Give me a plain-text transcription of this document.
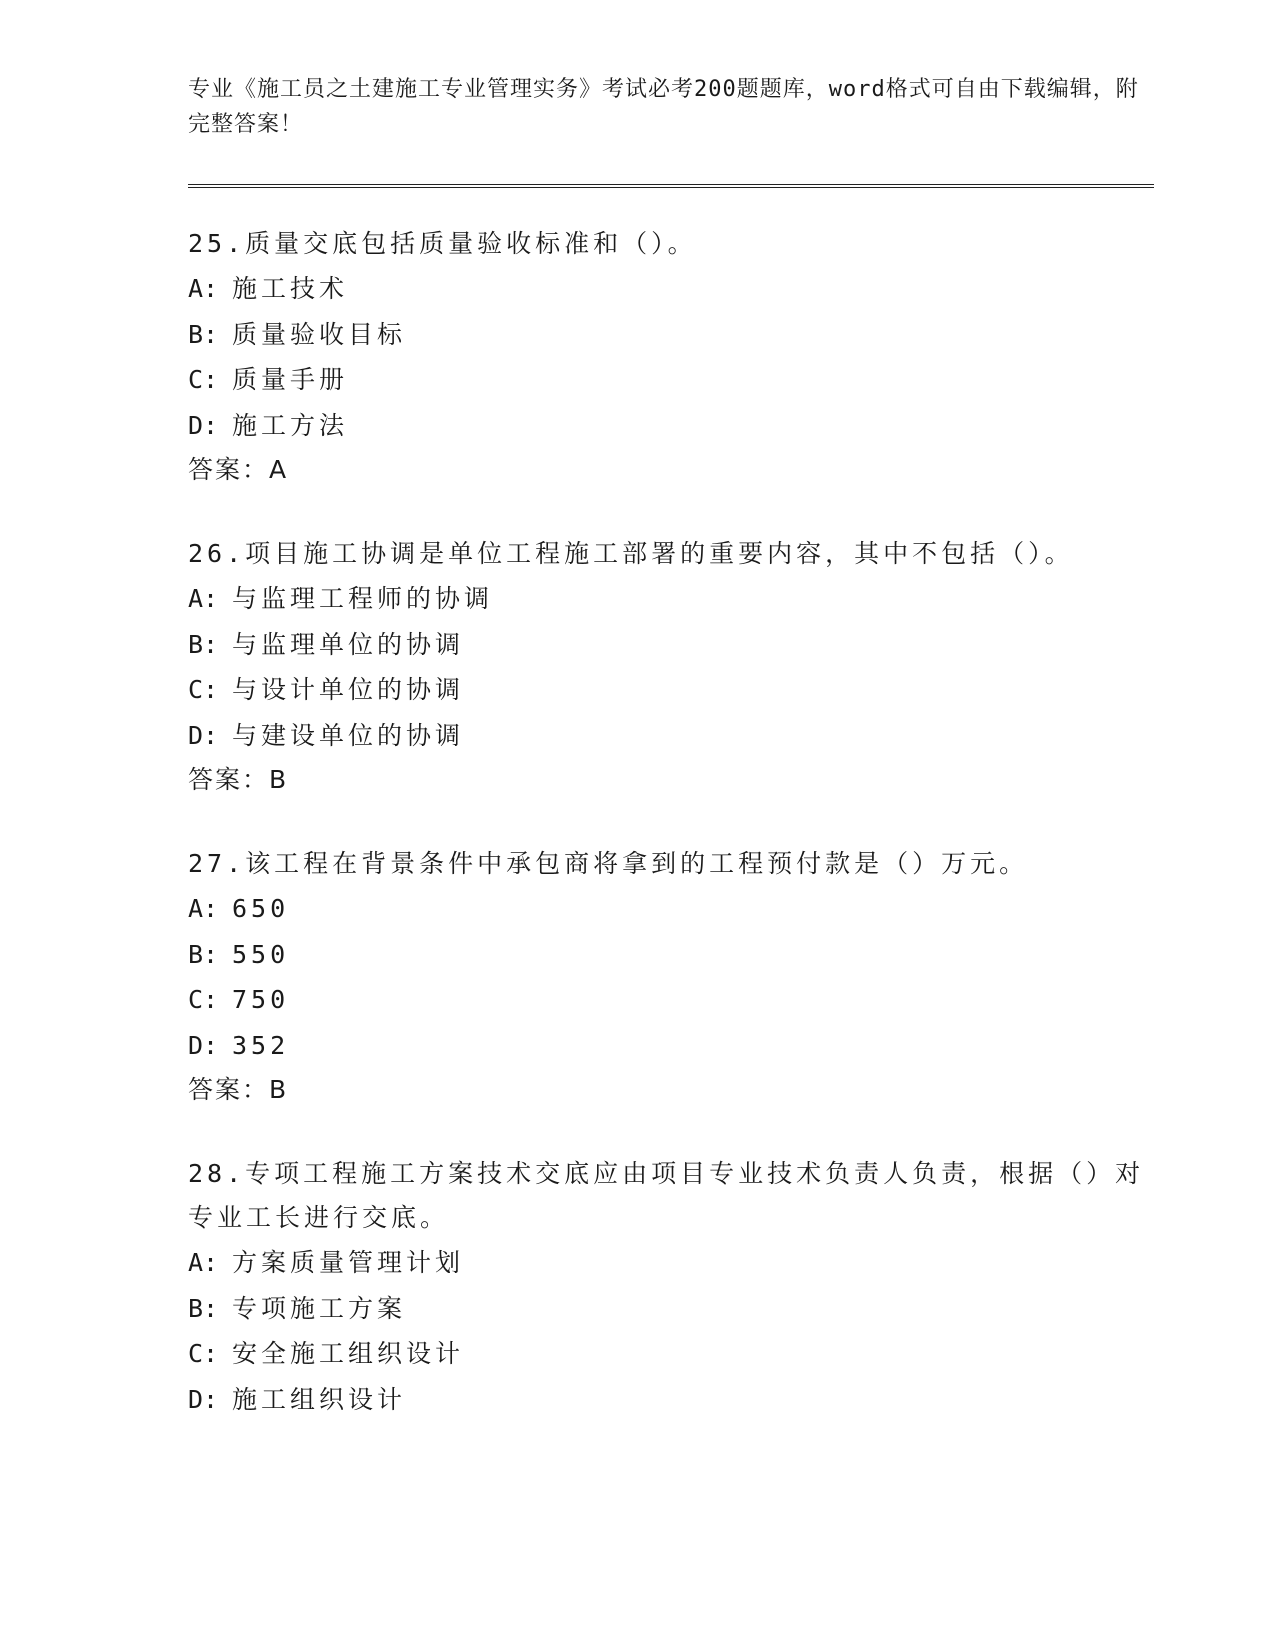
专业《施工员之土建施工专业管理实务》考试必考200题题库，word格式可自由下载编辑，附完整答案！

25.质量交底包括质量验收标准和（）。

A: 施工技术

B: 质量验收目标

C: 质量手册

D: 施工方法

答案：A

26.项目施工协调是单位工程施工部署的重要内容，其中不包括（）。

A: 与监理工程师的协调

B: 与监理单位的协调

C: 与设计单位的协调

D: 与建设单位的协调

答案：B

27.该工程在背景条件中承包商将拿到的工程预付款是（）万元。

A: 650

B: 550

C: 750

D: 352

答案：B

28.专项工程施工方案技术交底应由项目专业技术负责人负责，根据（）对专业工长进行交底。

A: 方案质量管理计划

B: 专项施工方案

C: 安全施工组织设计

D: 施工组织设计
